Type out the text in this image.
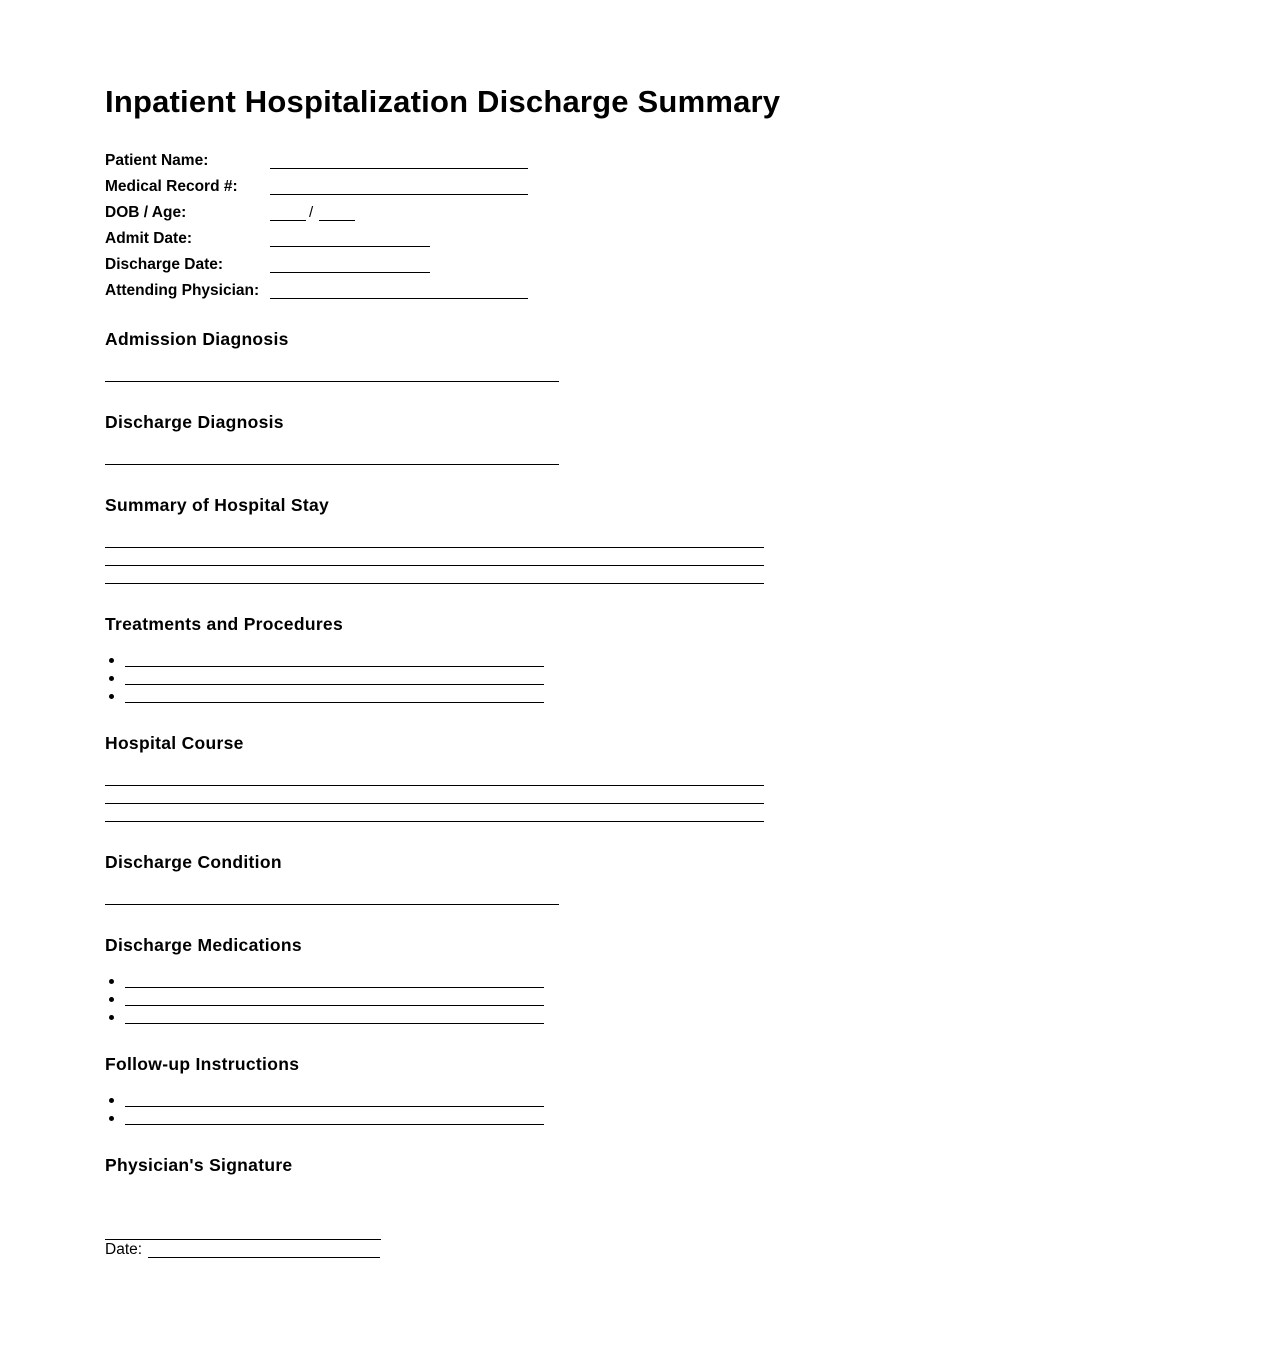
Inpatient Hospitalization Discharge Summary
Patient Name:
Medical Record #:
DOB / Age:	/
Admit Date:
Discharge Date:
Attending Physician:
Admission Diagnosis
Discharge Diagnosis
Summary of Hospital Stay
Treatments and Procedures
Hospital Course
Discharge Condition
Discharge Medications
Follow-up Instructions
Physician's Signature
Date:
